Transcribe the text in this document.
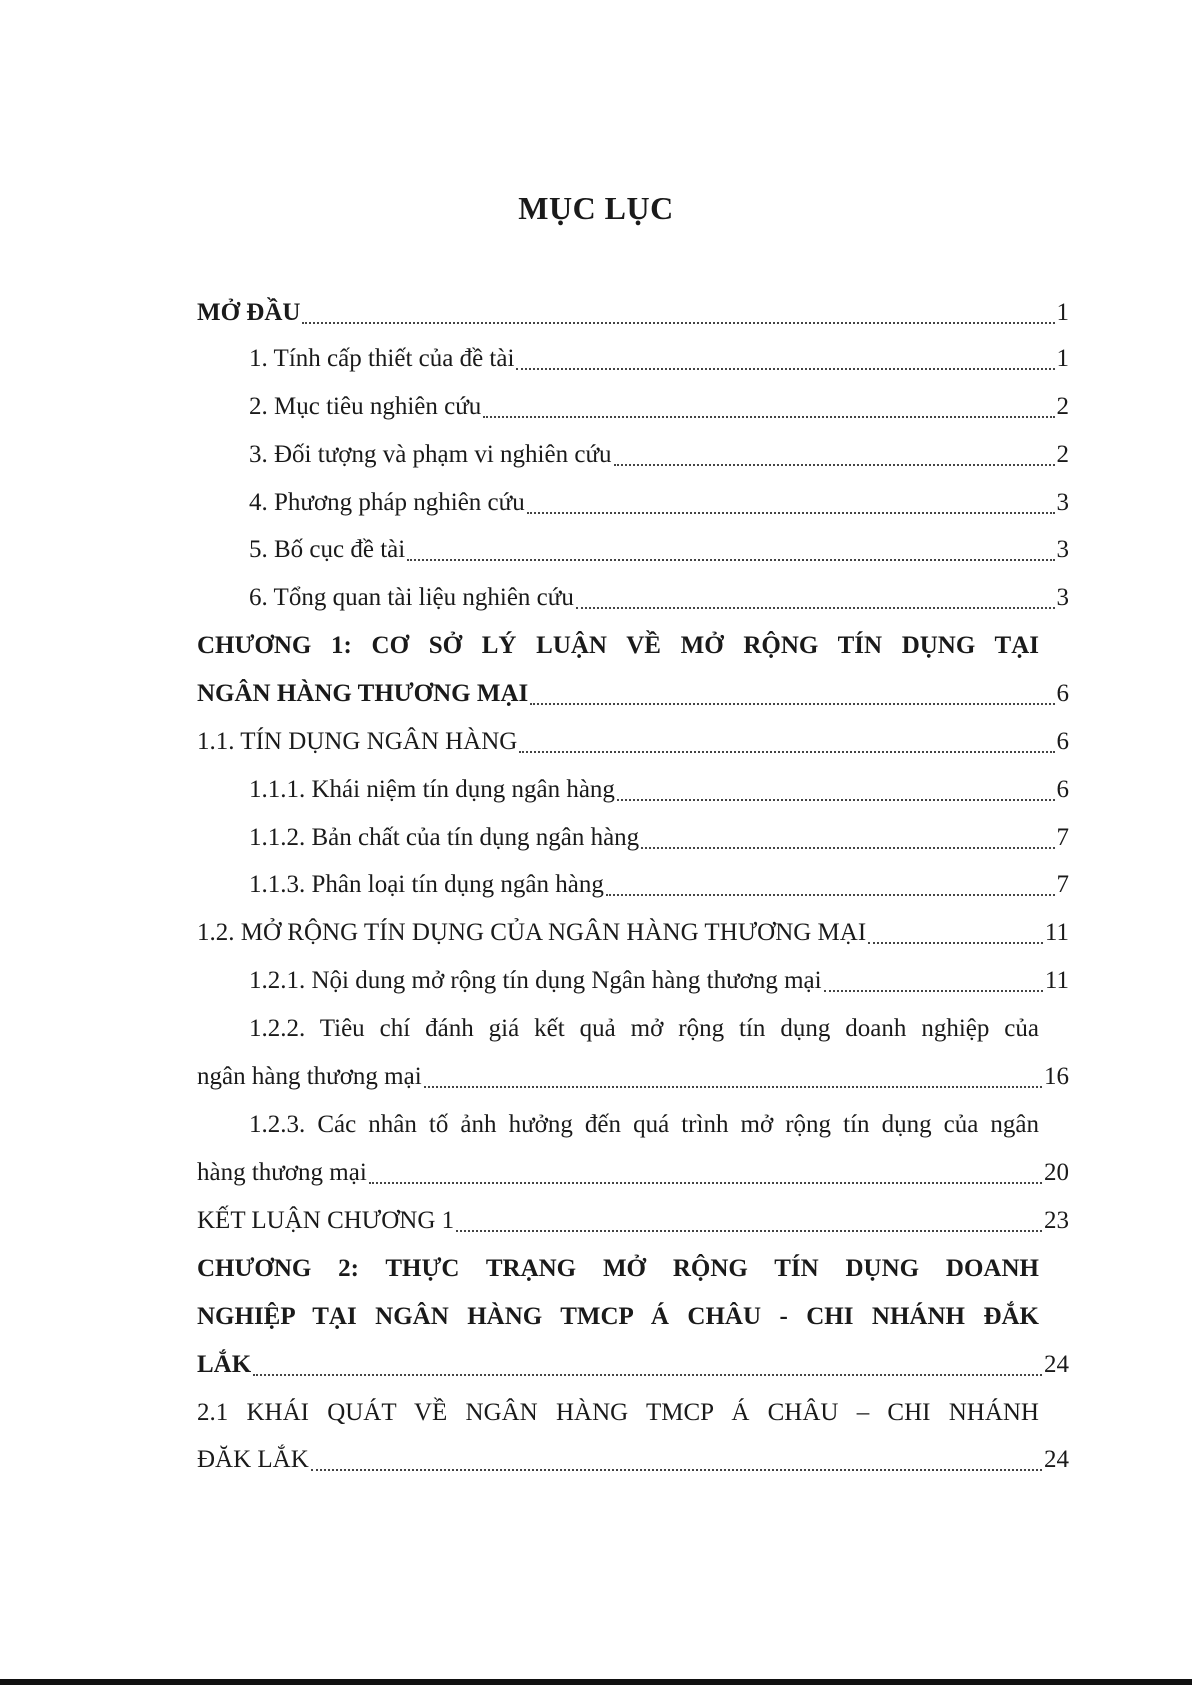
MỤC LỤC
MỞ ĐẦU	1
1. Tính cấp thiết của đề tài	1
2. Mục tiêu nghiên cứu	2
3. Đối tượng và phạm vi nghiên cứu	2
4. Phương pháp nghiên cứu	3
5. Bố cục đề tài	3
6. Tổng quan tài liệu nghiên cứu	3
CHƯƠNG 1: CƠ SỞ LÝ LUẬN VỀ MỞ RỘNG TÍN DỤNG TẠI
NGÂN HÀNG THƯƠNG MẠI	6
1.1. TÍN DỤNG NGÂN HÀNG	6
1.1.1. Khái niệm tín dụng ngân hàng	6
1.1.2. Bản chất của tín dụng ngân hàng	7
1.1.3. Phân loại tín dụng ngân hàng	7
1.2. MỞ RỘNG TÍN DỤNG CỦA NGÂN HÀNG THƯƠNG MẠI	11
1.2.1. Nội dung mở rộng tín dụng Ngân hàng thương mại	11
1.2.2. Tiêu chí đánh giá kết quả mở rộng tín dụng doanh nghiệp của
ngân hàng thương mại	16
1.2.3. Các nhân tố ảnh hưởng đến quá trình mở rộng tín dụng của ngân
hàng thương mại	20
KẾT LUẬN CHƯƠNG 1	23
CHƯƠNG 2: THỰC TRẠNG MỞ RỘNG TÍN DỤNG DOANH
NGHIỆP TẠI NGÂN HÀNG TMCP Á CHÂU - CHI NHÁNH ĐẮK
LẮK	24
2.1 KHÁI QUÁT VỀ NGÂN HÀNG TMCP Á CHÂU – CHI NHÁNH
ĐĂK LẮK	24
